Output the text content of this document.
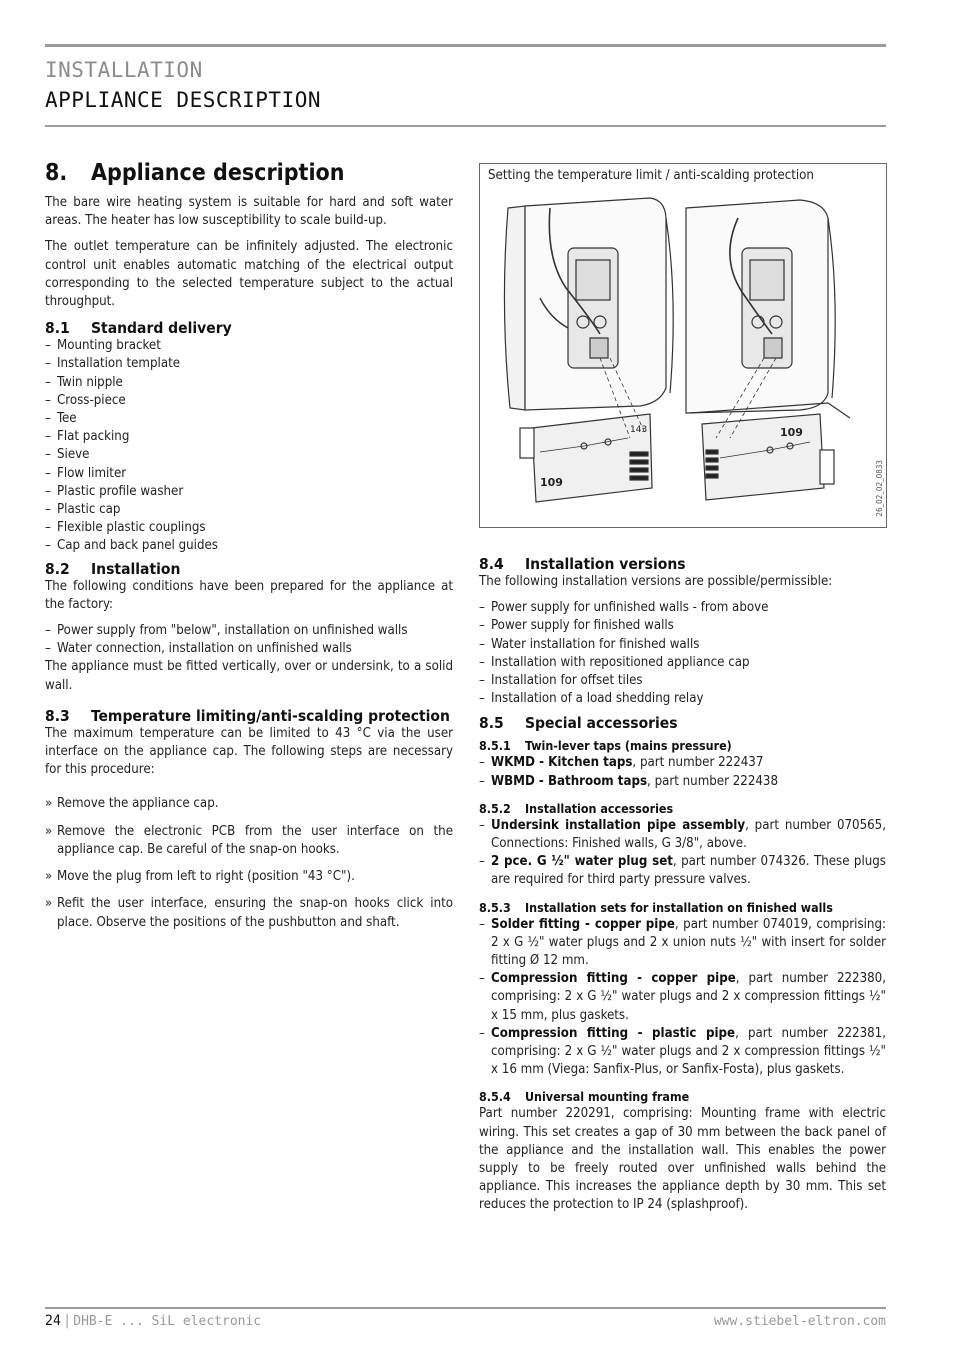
INSTALLATION
APPLIANCE DESCRIPTION
8. Appliance description

The bare wire heating system is suitable for hard and soft water areas. The heater has low susceptibility to scale build-up.

The outlet temperature can be infinitely adjusted. The electronic control unit enables automatic matching of the electrical output corresponding to the selected temperature subject to the actual throughput.

8.1 Standard delivery
– Mounting bracket
– Installation template
– Twin nipple
– Cross-piece
– Tee
– Flat packing
– Sieve
– Flow limiter
– Plastic profile washer
– Plastic cap
– Flexible plastic couplings
– Cap and back panel guides
8.2 Installation

The following conditions have been prepared for the appliance at the factory:

– Power supply from "below", installation on unfinished walls
– Water connection, installation on unfinished walls

The appliance must be fitted vertically, over or undersink, to a solid wall.

8.3 Temperature limiting/anti-scalding protection

The maximum temperature can be limited to 43 °C via the user interface on the appliance cap. The following steps are necessary for this procedure:

» Remove the appliance cap.
» Remove the electronic PCB from the user interface on the appliance cap. Be careful of the snap-on hooks.
» Move the plug from left to right (position "43 °C").
» Refit the user interface, ensuring the snap-on hooks click into place. Observe the positions of the pushbutton and shaft.
Setting the temperature limit / anti-scalding protection
109
143	109
26_02_02_0833
8.4 Installation versions

The following installation versions are possible/permissible:

– Power supply for unfinished walls - from above
– Power supply for finished walls
– Water installation for finished walls
– Installation with repositioned appliance cap
– Installation for offset tiles
– Installation of a load shedding relay
8.5 Special accessories
8.5.1 Twin-lever taps (mains pressure)
– WKMD - Kitchen taps, part number 222437
– WBMD - Bathroom taps, part number 222438
8.5.2 Installation accessories
– Undersink installation pipe assembly, part number 070565, Connections: Finished walls, G 3/8", above.
– 2 pce. G ½" water plug set, part number 074326. These plugs are required for third party pressure valves.
8.5.3 Installation sets for installation on finished walls
– Solder fitting - copper pipe, part number 074019, comprising: 2 x G ½" water plugs and 2 x union nuts ½" with insert for solder fitting Ø 12 mm.
– Compression fitting - copper pipe, part number 222380, comprising: 2 x G ½" water plugs and 2 x compression fittings ½" x 15 mm, plus gaskets.
– Compression fitting - plastic pipe, part number 222381, comprising: 2 x G ½" water plugs and 2 x compression fittings ½" x 16 mm (Viega: Sanfix-Plus, or Sanfix-Fosta), plus gaskets.
8.5.4 Universal mounting frame

Part number 220291, comprising: Mounting frame with electric wiring. This set creates a gap of 30 mm between the back panel of the appliance and the installation wall. This enables the power supply to be freely routed over unfinished walls behind the appliance. This increases the appliance depth by 30 mm. This set reduces the protection to IP 24 (splashproof).

24 | DHB-E ... SiL electronic	www.stiebel-eltron.com
